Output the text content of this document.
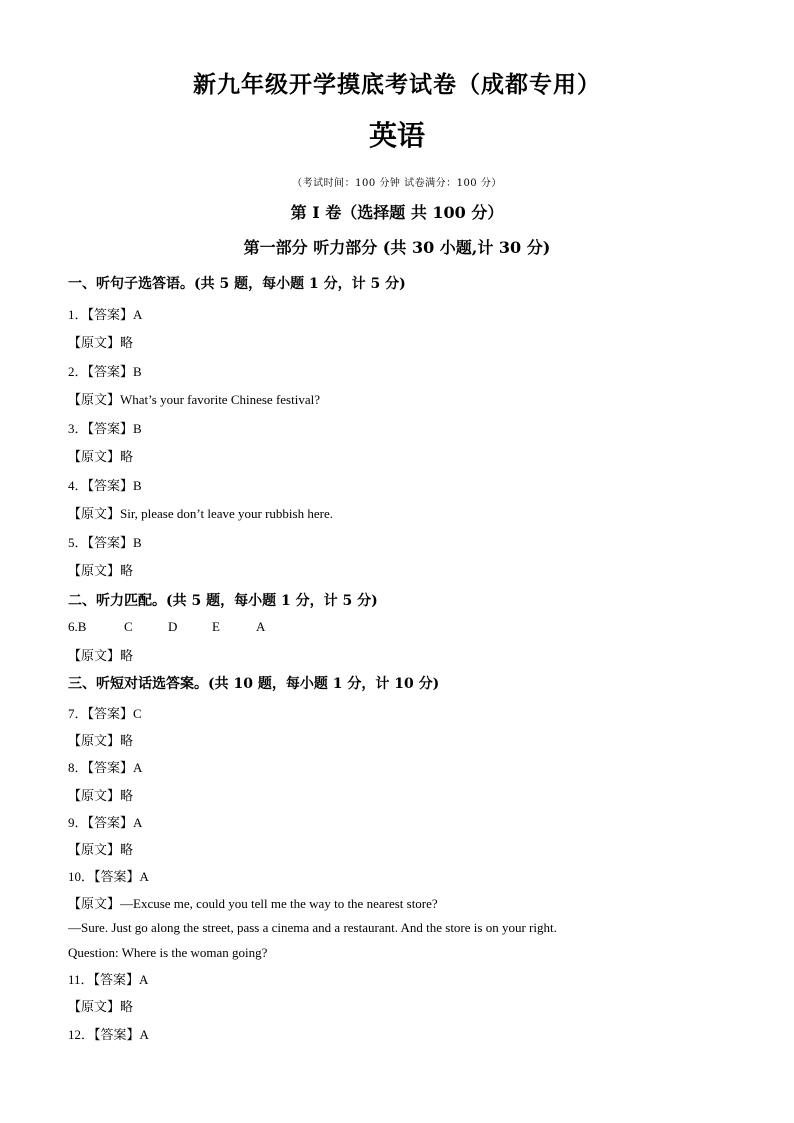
新九年级开学摸底考试卷（成都专用）
英语
（考试时间：100 分钟 试卷满分：100 分）
第 I 卷（选择题 共 100 分）
第一部分 听力部分 (共 30 小题,计 30 分)
一、听句子选答语。(共 5 题，每小题 1 分，计 5 分)
1．【答案】A
【原文】略
2．【答案】B
【原文】What’s your favorite Chinese festival?
3．【答案】B
【原文】略
4．【答案】B
【原文】Sir, please don’t leave your rubbish here.
5．【答案】B
【原文】略
二、听力匹配。(共 5 题，每小题 1 分，计 5 分)
6.B	C	D	E	A
【原文】略
三、听短对话选答案。(共 10 题，每小题 1 分，计 10 分)
7．【答案】C
【原文】略
8．【答案】A
【原文】略
9．【答案】A
【原文】略
10．【答案】A
【原文】—Excuse me, could you tell me the way to the nearest store?
—Sure. Just go along the street, pass a cinema and a restaurant. And the store is on your right.
Question: Where is the woman going?
11．【答案】A
【原文】略
12．【答案】A
